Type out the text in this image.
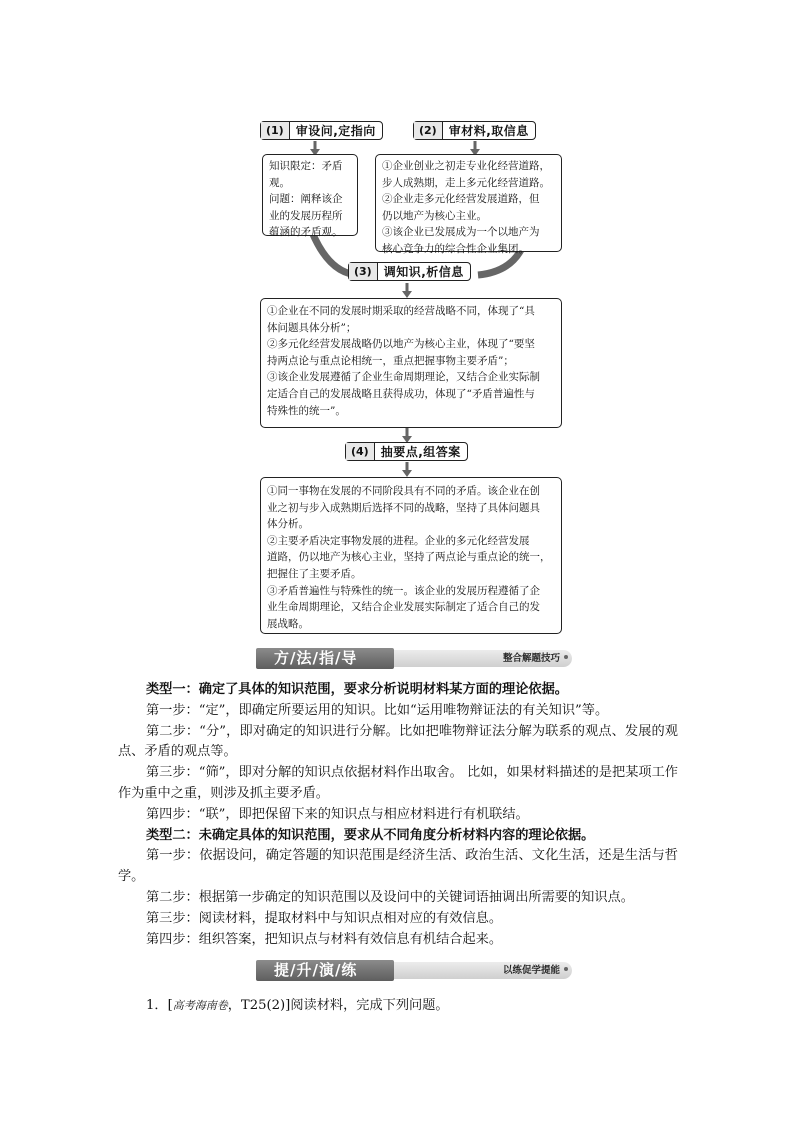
(1)	审设问,定指向	(2)	审材料,取信息

知识限定：矛盾

观。

问题：阐释该企

业的发展历程所

蕴涵的矛盾观。

①企业创业之初走专业化经营道路，

步人成熟期，走上多元化经营道路。

②企业走多元化经营发展道路，但

仍以地产为核心主业。

③该企业已发展成为一个以地产为

核心竞争力的综合性企业集团。

(3)	调知识,析信息

①企业在不同的发展时期采取的经营战略不同，体现了“具

体问题具体分析”；

②多元化经营发展战略仍以地产为核心主业，体现了“要坚

持两点论与重点论相统一，重点把握事物主要矛盾”；

③该企业发展遵循了企业生命周期理论，又结合企业实际制

定适合自己的发展战略且获得成功，体现了“矛盾普遍性与

特殊性的统一”。

(4)	抽要点,组答案

①同一事物在发展的不同阶段具有不同的矛盾。该企业在创

业之初与步入成熟期后选择不同的战略，坚持了具体问题具

体分析。

②主要矛盾决定事物发展的进程。企业的多元化经营发展

道路，仍以地产为核心主业，坚持了两点论与重点论的统一，

把握住了主要矛盾。

③矛盾普遍性与特殊性的统一。该企业的发展历程遵循了企

业生命周期理论，又结合企业发展实际制定了适合自己的发

展战略。

整合解题技巧
方/法/指/导

类型一：确定了具体的知识范围，要求分析说明材料某方面的理论依据。

第一步：“定”，即确定所要运用的知识。比如“运用唯物辩证法的有关知识”等。

第二步：“分”，即对确定的知识进行分解。比如把唯物辩证法分解为联系的观点、发展的观点、矛盾的观点等。

第三步：“筛”，即对分解的知识点依据材料作出取舍。 比如，如果材料描述的是把某项工作作为重中之重，则涉及抓主要矛盾。

第四步：“联”，即把保留下来的知识点与相应材料进行有机联结。

类型二：未确定具体的知识范围，要求从不同角度分析材料内容的理论依据。

第一步：依据设问，确定答题的知识范围是经济生活、政治生活、文化生活，还是生活与哲学。

第二步：根据第一步确定的知识范围以及设问中的关键词语抽调出所需要的知识点。

第三步：阅读材料，提取材料中与知识点相对应的有效信息。

第四步：组织答案，把知识点与材料有效信息有机结合起来。

以练促学提能
提/升/演/练
1．[高考海南卷，T25(2)]阅读材料，完成下列问题。
